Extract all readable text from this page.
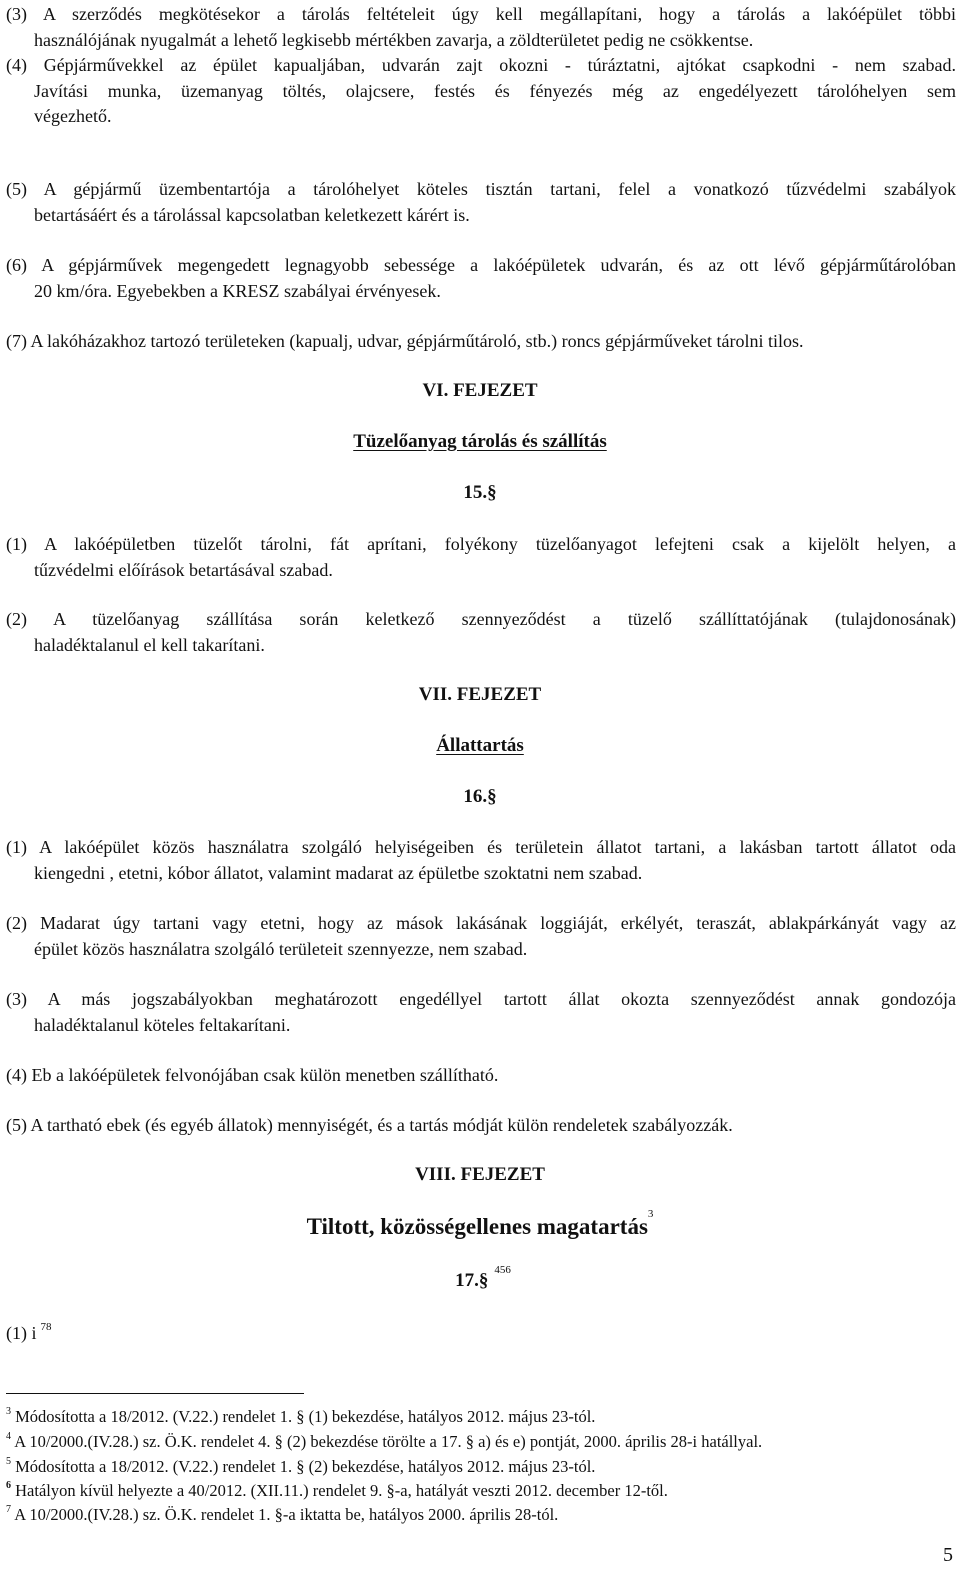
(3) A szerződés megkötésekor a tárolás feltételeit úgy kell megállapítani, hogy a tárolás a lakóépület többi
használójának nyugalmát a lehető legkisebb mértékben zavarja, a zöldterületet pedig ne csökkentse.
(4) Gépjárművekkel az épület kapualjában, udvarán zajt okozni - túráztatni, ajtókat csapkodni - nem szabad.
Javítási munka, üzemanyag töltés, olajcsere, festés és fényezés még az engedélyezett tárolóhelyen sem
végezhető.
(5) A gépjármű üzembentartója a tárolóhelyet köteles tisztán tartani, felel a vonatkozó tűzvédelmi szabályok
betartásáért és a tárolással kapcsolatban keletkezett kárért is.
(6) A gépjárművek megengedett legnagyobb sebessége a lakóépületek udvarán, és az ott lévő gépjárműtárolóban
20 km/óra. Egyebekben a KRESZ szabályai érvényesek.
(7) A lakóházakhoz tartozó területeken (kapualj, udvar, gépjárműtároló, stb.) roncs gépjárműveket tárolni tilos.
VI. FEJEZET
Tüzelőanyag tárolás és szállítás
15.§
(1) A lakóépületben tüzelőt tárolni, fát aprítani, folyékony tüzelőanyagot lefejteni csak a kijelölt helyen, a
tűzvédelmi előírások betartásával szabad.
(2) A tüzelőanyag szállítása során keletkező szennyeződést a tüzelő szállíttatójának (tulajdonosának)
haladéktalanul el kell takarítani.
VII. FEJEZET
Állattartás
16.§
(1) A lakóépület közös használatra szolgáló helyiségeiben és területein állatot tartani, a lakásban tartott állatot oda
kiengedni , etetni, kóbor állatot, valamint madarat az épületbe szoktatni nem szabad.
(2) Madarat úgy tartani vagy etetni, hogy az mások lakásának loggiáját, erkélyét, teraszát, ablakpárkányát vagy az
épület közös használatra szolgáló területeit szennyezze, nem szabad.
(3) A más jogszabályokban meghatározott engedéllyel tartott állat okozta szennyeződést annak gondozója
haladéktalanul köteles feltakarítani.
(4) Eb a lakóépületek felvonójában csak külön menetben szállítható.
(5) A tartható ebek (és egyéb állatok) mennyiségét, és a tartás módját külön rendeletek szabályozzák.
VIII. FEJEZET
Tiltott, közösségellenes magatartás$^3$
17.§ $^{456}$
(1) i $^{78}$
$^3$ Módosította a 18/2012. (V.22.) rendelet 1. § (1) bekezdése, hatályos 2012. május 23-tól.
$^4$ A 10/2000.(IV.28.) sz. Ö.K. rendelet 4. § (2) bekezdése törölte a 17. § a) és e) pontját, 2000. április 28-i hatállyal.
$^5$ Módosította a 18/2012. (V.22.) rendelet 1. § (2) bekezdése, hatályos 2012. május 23-tól.
$^6$ Hatályon kívül helyezte a 40/2012. (XII.11.) rendelet 9. §-a, hatályát veszti 2012. december 12-től.
$^7$ A 10/2000.(IV.28.) sz. Ö.K. rendelet 1. §-a iktatta be, hatályos 2000. április 28-tól.
5
